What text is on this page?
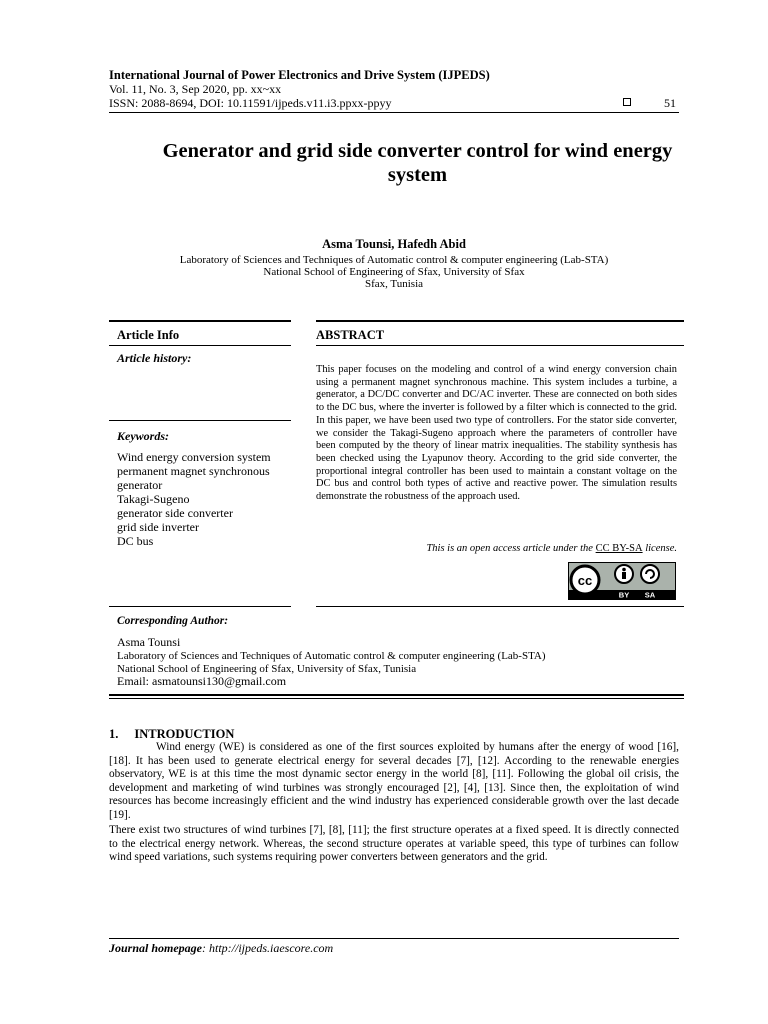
International Journal of Power Electronics and Drive System (IJPEDS)
Vol. 11, No. 3, Sep 2020, pp. xx~xx
ISSN: 2088-8694, DOI: 10.11591/ijpeds.v11.i3.ppxx-ppyy	51
Generator and grid side converter control for wind energy system
Asma Tounsi, Hafedh Abid
Laboratory of Sciences and Techniques of Automatic control & computer engineering (Lab-STA)
National School of Engineering of Sfax, University of Sfax
Sfax, Tunisia
Article Info	ABSTRACT
Article history:
Keywords:
Wind energy conversion system
permanent magnet synchronous
generator
Takagi-Sugeno
generator side converter
grid side inverter
DC bus
This paper focuses on the modeling and control of a wind energy conversion chain using a permanent magnet synchronous machine. This system includes a turbine, a generator, a DC/DC converter and DC/AC inverter. These are connected on both sides to the DC bus, where the inverter is followed by a filter which is connected to the grid. In this paper, we have been used two type of controllers. For the stator side converter, we consider the Takagi-Sugeno approach where the parameters of controller have been computed by the theory of linear matrix inequalities. The stability synthesis has been checked using the Lyapunov theory. According to the grid side converter, the proportional integral controller has been used to maintain a constant voltage on the DC bus and control both types of active and reactive power. The simulation results demonstrate the robustness of the approach used.
This is an open access article under the CC BY-SA license.
cc
BY SA
Corresponding Author:
Asma Tounsi
Laboratory of Sciences and Techniques of Automatic control & computer engineering (Lab-STA)
National School of Engineering of Sfax, University of Sfax, Tunisia
Email: asmatounsi130@gmail.com
1. INTRODUCTION
Wind energy (WE) is considered as one of the first sources exploited by humans after the energy of wood [16], [18]. It has been used to generate electrical energy for several decades [7], [12]. According to the renewable energies observatory, WE is at this time the most dynamic sector energy in the world [8], [11]. Following the global oil crisis, the development and marketing of wind turbines was strongly encouraged [2], [4], [13]. Since then, the exploitation of wind resources has become increasingly efficient and the wind industry has experienced considerable growth over the last decade [19].
There exist two structures of wind turbines [7], [8], [11]; the first structure operates at a fixed speed. It is directly connected to the electrical energy network. Whereas, the second structure operates at variable speed, this type of turbines can follow wind speed variations, such systems requiring power converters between generators and the grid.
Journal homepage: http://ijpeds.iaescore.com
